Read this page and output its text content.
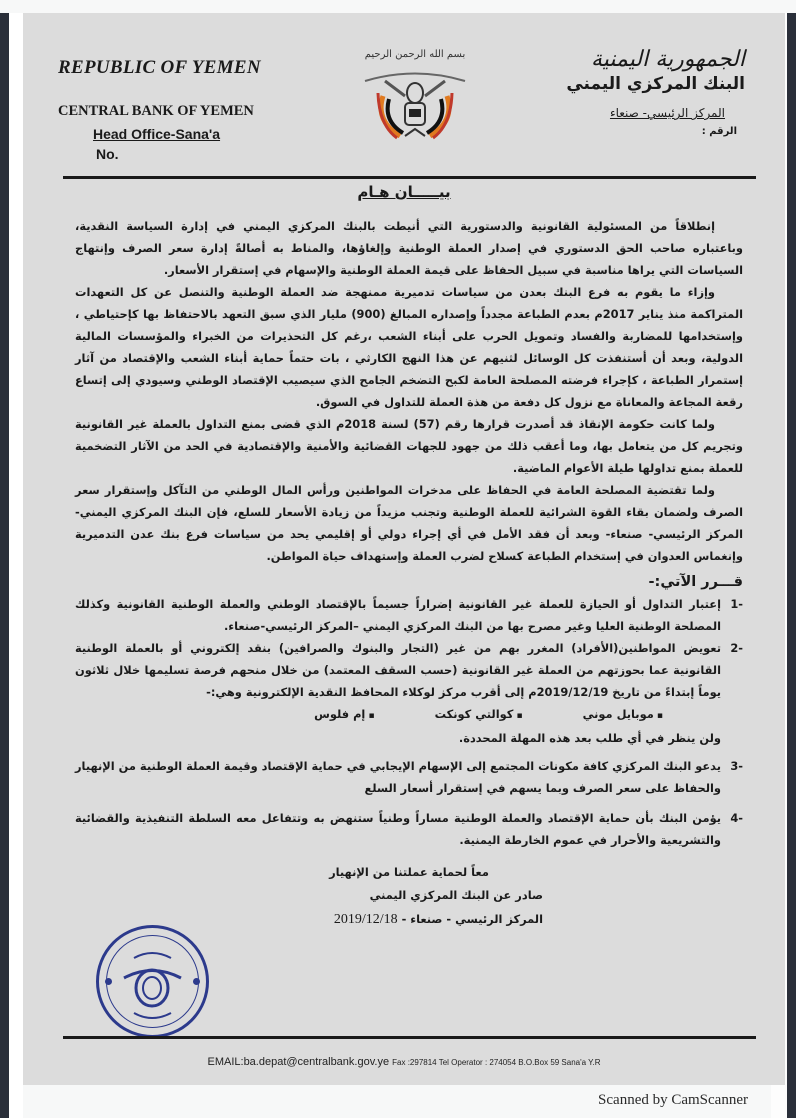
REPUBLIC OF YEMEN
CENTRAL BANK OF YEMEN
Head Office-Sana'a
No.
بسم الله الرحمن الرحيم	الجمهورية اليمنية
البنك المركزي اليمني
المركز الرئيسي- صنعاء
الرقم :
بيـــــان هـام

إنطلاقاً من المسئولية القانونية والدستورية التي أنيطت بالبنك المركزي اليمني في إدارة السياسة النقدية، وباعتباره صاحب الحق الدستوري في إصدار العملة الوطنية وإلغاؤها، والمناط به أصالةً إدارة سعر الصرف وإنتهاج السياسات التي يراها مناسبة في سبيل الحفاظ على قيمة العملة الوطنية والإسهام في إستقرار الأسعار.

وإزاء ما يقوم به فرع البنك بعدن من سياسات تدميرية ممنهجة ضد العملة الوطنية والتنصل عن كل التعهدات المتراكمة منذ يناير 2017م بعدم الطباعة مجدداً وإصداره المبالغ (900) مليار الذي سبق التعهد بالاحتفاظ بها كإحتياطي ، وإستخدامها للمضاربة والفساد وتمويل الحرب على أبناء الشعب ،رغم كل التحذيرات من الخبراء والمؤسسات المالية الدولية، وبعد أن أستنفذت كل الوسائل لثنيهم عن هذا النهج الكارثي ، بات حتماً حماية أبناء الشعب والإقتصاد من آثار إستمرار الطباعة ، كإجراء فرضته المصلحة العامة لكبح التضخم الجامح الذي سيصيب الإقتصاد الوطني وسيودي إلى إتساع رقعة المجاعة والمعاناة مع نزول كل دفعة من هذة العملة للتداول في السوق.

ولما كانت حكومة الإنقاذ قد أصدرت قرارها رقم (57) لسنة 2018م الذي قضى بمنع التداول بالعملة غير القانونية وتجريم كل من يتعامل بها، وما أعقب ذلك من جهود للجهات القضائية والأمنية والإقتصادية في الحد من الآثار التضخمية للعملة بمنع تداولها طيلة الأعوام الماضية.

ولما تقتضية المصلحة العامة في الحفاظ على مدخرات المواطنين ورأس المال الوطني من التآكل وإستقرار سعر الصرف ولضمان بقاء القوة الشرائية للعملة الوطنية وتجنب مزيداً من زيادة الأسعار للسلع، فإن البنك المركزي اليمني- المركز الرئيسي- صنعاء- وبعد أن فقد الأمل في أي إجراء دولي أو إقليمي يحد من سياسات فرع بنك عدن التدميرية وإنغماس العدوان في إستخدام الطباعة كسلاح لضرب العملة وإستهداف حياة المواطن.

قـــرر الآتي:-
-1
إعتبار التداول أو الحيازة للعملة غير القانونية إضراراً جسيماً بالإقتصاد الوطني والعملة الوطنية القانونية وكذلك المصلحة الوطنية العليا وغير مصرح بها من البنك المركزي اليمني –المركز الرئيسي-صنعاء.
-2
تعويض المواطنين(الأفراد) المغرر بهم من غير (التجار والبنوك والصرافين) بنقد إلكتروني أو بالعملة الوطنية القانونية عما بحوزتهم من العملة غير القانونية (حسب السقف المعتمد) من خلال منحهم فرصة تسليمها خلال ثلاثون يوماً إبتداءً من تاريخ 2019/12/19م إلى أقرب مركز لوكلاء المحافظ النقدية الإلكترونية وهي:-
▪ موبايل موني
▪ كوالتي كونكت
▪ إم فلوس

ولن ينظر في أي طلب بعد هذه المهلة المحددة.

-3
يدعو البنك المركزي كافة مكونات المجتمع إلى الإسهام الإيجابي في حماية الإقتصاد وقيمة العملة الوطنية من الإنهيار والحفاظ على سعر الصرف وبما يسهم في إستقرار أسعار السلع
-4
يؤمن البنك بأن حماية الإقتصاد والعملة الوطنية مساراً وطنياً ستنهض به وتتفاعل معه السلطة التنفيذية والقضائية والتشريعية والأحرار في عموم الخارطة اليمنية.
معاً لحماية عملتنا من الإنهيار
صادر عن البنك المركزي اليمني
المركز الرئيسي - صنعاء - 2019/12/18
EMAIL:ba.depat@centralbank.gov.ye Fax :297814 Tel Operator : 274054 B.O.Box 59 Sana'a Y.R
Scanned by CamScanner
